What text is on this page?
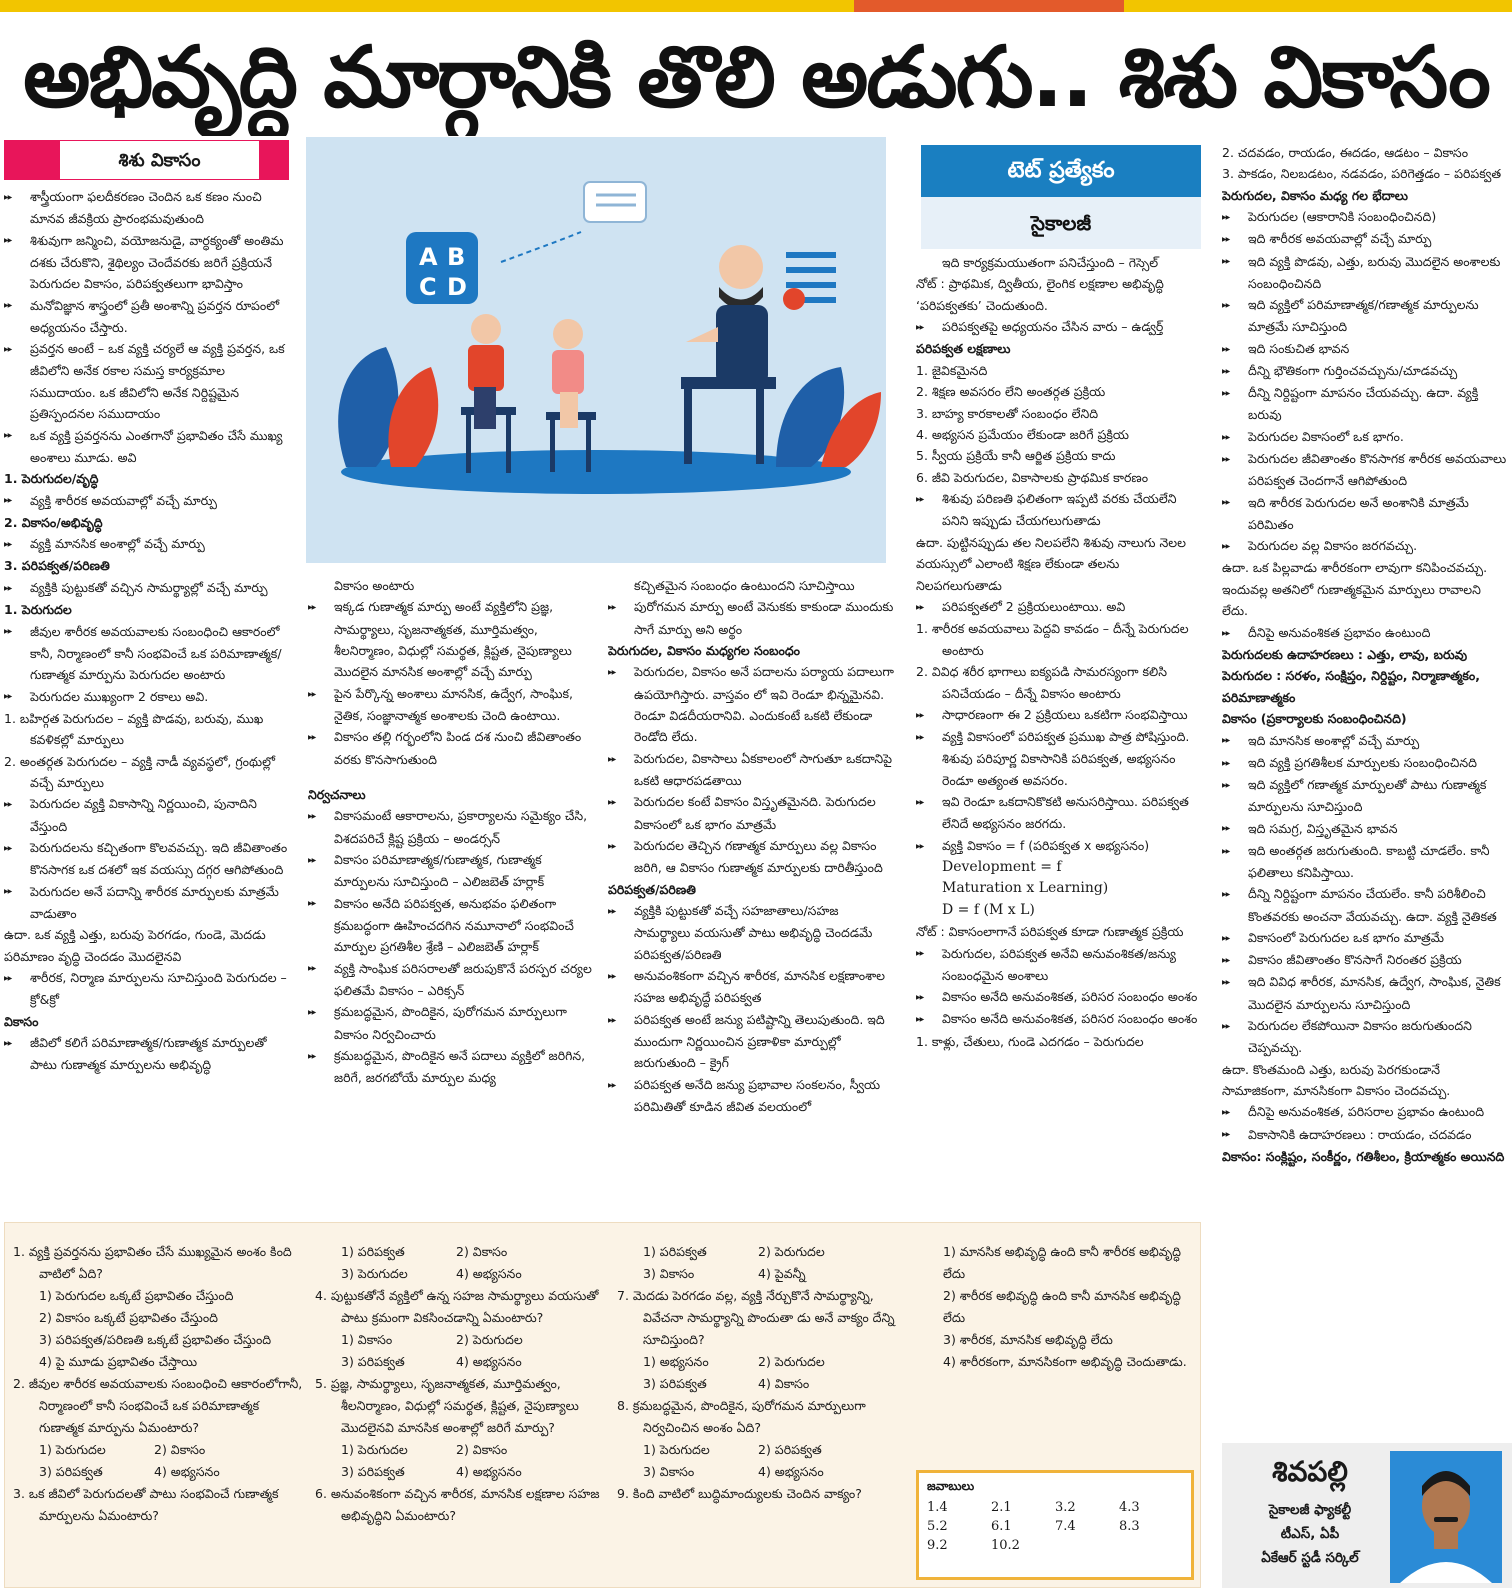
అభివృద్ధి మార్గానికి తొలి అడుగు.. శిశు వికాసం
శిశు వికాసం

▶▶ శాస్త్రీయంగా ఫలదీకరణం చెందిన ఒక కణం నుంచి మానవ జీవక్రియ ప్రారంభమవుతుంది

▶▶ శిశువుగా జన్మించి, వయోజనుడై, వార్ధక్యంతో అంతిమ దశకు చేరుకొని, శైథిల్యం చెందేవరకు జరిగే ప్రక్రియనే పెరుగుదల వికాసం, పరిపక్వతలుగా భావిస్తాం

▶▶ మనోవిజ్ఞాన శాస్త్రంలో ప్రతీ అంశాన్ని ప్రవర్తన రూపంలో అధ్యయనం చేస్తారు.

▶▶ ప్రవర్తన అంటే – ఒక వ్యక్తి చర్యలే ఆ వ్యక్తి ప్రవర్తన, ఒక జీవిలోని అనేక రకాల సమస్త కార్యక్రమాల సముదాయం. ఒక జీవిలోని అనేక నిర్దిష్టమైన ప్రతిస్పందనల సముదాయం

▶▶ ఒక వ్యక్తి ప్రవర్తనను ఎంతగానో ప్రభావితం చేసే ముఖ్య అంశాలు మూడు. అవి

1. పెరుగుదల/వృద్ధి

▶▶ వ్యక్తి శారీరక అవయవాల్లో వచ్చే మార్పు

2. వికాసం/అభివృద్ధి

▶▶ వ్యక్తి మానసిక అంశాల్లో వచ్చే మార్పు

3. పరిపక్వత/పరిణతి

▶▶ వ్యక్తికి పుట్టుకతో వచ్చిన సామర్థ్యాల్లో వచ్చే మార్పు

1. పెరుగుదల

▶▶ జీవుల శారీరక అవయవాలకు సంబంధించి ఆకారంలో కానీ, నిర్మాణంలో కానీ సంభవించే ఒక పరిమాణాత్మక/గుణాత్మక మార్పును పెరుగుదల అంటారు

▶▶ పెరుగుదల ముఖ్యంగా 2 రకాలు అవి.

1. బహిర్గత పెరుగుదల – వ్యక్తి పొడవు, బరువు, ముఖ కవళికల్లో మార్పులు

2. అంతర్గత పెరుగుదల – వ్యక్తి నాడీ వ్యవస్థలో, గ్రంథుల్లో వచ్చే మార్పులు

▶▶ పెరుగుదల వ్యక్తి వికాసాన్ని నిర్ణయించి, పునాదిని వేస్తుంది

▶▶ పెరుగుదలను కచ్చితంగా కొలవవచ్చు. ఇది జీవితాంతం కొనసాగక ఒక దశలో ఇక వయస్సు దగ్గర ఆగిపోతుంది

▶▶ పెరుగుదల అనే పదాన్ని శారీరక మార్పులకు మాత్రమే వాడుతాం

ఉదా. ఒక వ్యక్తి ఎత్తు, బరువు పెరగడం, గుండె, మెదడు పరిమాణం వృద్ధి చెందడం మొదలైనవి

▶▶ శారీరక, నిర్మాణ మార్పులను సూచిస్తుంది పెరుగుదల – క్రో&క్రో

వికాసం

▶▶ జీవిలో కలిగే పరిమాణాత్మక/గుణాత్మక మార్పులతో పాటు గుణాత్మక మార్పులను అభివృద్ధి

A B
C D

వికాసం అంటారు

▶▶ ఇక్కడ గుణాత్మక మార్పు అంటే వ్యక్తిలోని ప్రజ్ఞ, సామర్థ్యాలు, సృజనాత్మకత, మూర్తిమత్వం, శీలనిర్మాణం, విధుల్లో సమర్థత, క్లిష్టత, నైపుణ్యాలు మొదలైన మానసిక అంశాల్లో వచ్చే మార్పు

▶▶ పైన పేర్కొన్న అంశాలు మానసిక, ఉద్వేగ, సాంఘిక, నైతిక, సంజ్ఞానాత్మక అంశాలకు చెంది ఉంటాయి.

▶▶ వికాసం తల్లి గర్భంలోని పిండ దశ నుంచి జీవితాంతం వరకు కొనసాగుతుంది

నిర్వచనాలు

▶▶ వికాసమంటే ఆకారాలను, ప్రకార్యాలను సమైక్యం చేసి, విశదపరిచే క్లిష్ట ప్రక్రియ – అండర్సన్

▶▶ వికాసం పరిమాణాత్మక/గుణాత్మక, గుణాత్మక మార్పులను సూచిస్తుంది – ఎలిజబెత్ హర్లాక్

▶▶ వికాసం అనేది పరిపక్వత, అనుభవం ఫలితంగా క్రమబద్ధంగా ఊహించదగిన నమూనాలో సంభవించే మార్పుల ప్రగతిశీల శ్రేణి – ఎలిజబెత్ హర్లాక్

▶▶ వ్యక్తి సాంఘిక పరిసరాలతో జరుపుకొనే పరస్పర చర్యల ఫలితమే వికాసం – ఎరిక్సన్

▶▶ క్రమబద్ధమైన, పొందికైన, పురోగమన మార్పులుగా వికాసం నిర్వచించారు

▶▶ క్రమబద్ధమైన, పొందికైన అనే పదాలు వ్యక్తిలో జరిగిన, జరిగే, జరగబోయే మార్పుల మధ్య

కచ్చితమైన సంబంధం ఉంటుందని సూచిస్తాయి

▶▶ పురోగమన మార్పు అంటే వెనుకకు కాకుండా ముందుకు సాగే మార్పు అని అర్థం

పెరుగుదల, వికాసం మధ్యగల సంబంధం

▶▶ పెరుగుదల, వికాసం అనే పదాలను పర్యాయ పదాలుగా ఉపయోగిస్తారు. వాస్తవం లో ఇవి రెండూ భిన్నమైనవి. రెండూ విడదీయరానివి. ఎందుకంటే ఒకటి లేకుండా రెండోది లేదు.

▶▶ పెరుగుదల, వికాసాలు ఏకకాలంలో సాగుతూ ఒకదానిపై ఒకటి ఆధారపడతాయి

▶▶ పెరుగుదల కంటే వికాసం విస్తృతమైనది. పెరుగుదల వికాసంలో ఒక భాగం మాత్రమే

▶▶ పెరుగుదల తెచ్చిన గణాత్మక మార్పులు వల్ల వికాసం జరిగి, ఆ వికాసం గుణాత్మక మార్పులకు దారితీస్తుంది

పరిపక్వత/పరిణతి

▶▶ వ్యక్తికి పుట్టుకతో వచ్చే సహజాతాలు/సహజ సామర్థ్యాలు వయసుతో పాటు అభివృద్ధి చెందడమే పరిపక్వత/పరిణతి

▶▶ అనువంశికంగా వచ్చిన శారీరక, మానసిక లక్షణాంశాల సహజ అభివృద్ధే పరిపక్వత

▶▶ పరిపక్వత అంటే జన్యు పటిష్టాన్ని తెలుపుతుంది. ఇది ముందుగా నిర్ణయించిన ప్రణాళికా మార్పుల్లో జరుగుతుంది – క్రైగ్

▶▶ పరిపక్వత అనేది జన్యు ప్రభావాల సంకలనం, స్వీయ పరిమితితో కూడిన జీవిత వలయంలో

టెట్ ప్రత్యేకం
సైకాలజీ

ఇది కార్యక్రమయుతంగా పనిచేస్తుంది – గెస్సెల్

నోట్ : ప్రాథమిక, ద్వితీయ, లైంగిక లక్షణాల అభివృద్ధి ‘పరిపక్వతకు’ చెందుతుంది.

▶▶ పరిపక్వతపై అధ్యయనం చేసిన వారు – ఉడ్వర్త్

పరిపక్వత లక్షణాలు

1. జైవికమైనది

2. శిక్షణ అవసరం లేని అంతర్గత ప్రక్రియ

3. బాహ్య కారకాలతో సంబంధం లేనిది

4. అభ్యసన ప్రమేయం లేకుండా జరిగే ప్రక్రియ

5. స్వీయ ప్రక్రియే కానీ ఆర్జిత ప్రక్రియ కాదు

6. జీవి పెరుగుదల, వికాసాలకు ప్రాథమిక కారణం

▶▶ శిశువు పరిణతి ఫలితంగా ఇప్పటి వరకు చేయలేని పనిని ఇప్పుడు చేయగలుగుతాడు

ఉదా. పుట్టినప్పుడు తల నిలపలేని శిశువు నాలుగు నెలల వయస్సులో ఎలాంటి శిక్షణ లేకుండా తలను నిలపగలుగుతాడు

▶▶ పరిపక్వతలో 2 ప్రక్రియలుంటాయి. అవి

1. శారీరక అవయవాలు పెద్దవి కావడం – దీన్నే పెరుగుదల అంటారు

2. వివిధ శరీర భాగాలు ఐక్యపడి సామరస్యంగా కలిసి పనిచేయడం – దీన్నే వికాసం అంటారు

▶▶ సాధారణంగా ఈ 2 ప్రక్రియలు ఒకటిగా సంభవిస్తాయి

▶▶ వ్యక్తి వికాసంలో పరిపక్వత ప్రముఖ పాత్ర పోషిస్తుంది. శిశువు పరిపూర్ణ వికాసానికి పరిపక్వత, అభ్యసనం రెండూ అత్యంత అవసరం.

▶▶ ఇవి రెండూ ఒకదానికొకటి అనుసరిస్తాయి. పరిపక్వత లేనిదే అభ్యసనం జరగదు.

▶▶ వ్యక్తి వికాసం = f (పరిపక్వత x అభ్యసనం)

Development = f

Maturation x Learning)

D = f (M x L)

నోట్ : వికాసంలాగానే పరిపక్వత కూడా గుణాత్మక ప్రక్రియ

▶▶ పెరుగుదల, పరిపక్వత అనేవి అనువంశికత/జన్యు సంబంధమైన అంశాలు

▶▶ వికాసం అనేది అనువంశికత, పరిసర సంబంధం అంశం

▶▶ వికాసం అనేది అనువంశికత, పరిసర సంబంధం అంశం

1. కాళ్లు, చేతులు, గుండె ఎదగడం – పెరుగుదల

2. చదవడం, రాయడం, ఈదడం, ఆడటం – వికాసం

3. పాకడం, నిలబడటం, నడవడం, పరిగెత్తడం – పరిపక్వత

పెరుగుదల, వికాసం మధ్య గల భేదాలు

▶▶ పెరుగుదల (ఆకారానికి సంబంధించినది)

▶▶ ఇది శారీరక అవయవాల్లో వచ్చే మార్పు

▶▶ ఇది వ్యక్తి పొడవు, ఎత్తు, బరువు మొదలైన అంశాలకు సంబంధించినది

▶▶ ఇది వ్యక్తిలో పరిమాణాత్మక/గణాత్మక మార్పులను మాత్రమే సూచిస్తుంది

▶▶ ఇది సంకుచిత భావన

▶▶ దీన్ని భౌతికంగా గుర్తించవచ్చును/చూడవచ్చు

▶▶ దీన్ని నిర్దిష్టంగా మాపనం చేయవచ్చు. ఉదా. వ్యక్తి బరువు

▶▶ పెరుగుదల వికాసంలో ఒక భాగం.

▶▶ పెరుగుదల జీవితాంతం కొనసాగక శారీరక అవయవాలు పరిపక్వత చెందగానే ఆగిపోతుంది

▶▶ ఇది శారీరక పెరుగుదల అనే అంశానికి మాత్రమే పరిమితం

▶▶ పెరుగుదల వల్ల వికాసం జరగవచ్చు.

ఉదా. ఒక పిల్లవాడు శారీరకంగా లావుగా కనిపించవచ్చు. ఇందువల్ల అతనిలో గుణాత్మకమైన మార్పులు రావాలని లేదు.

▶▶ దీనిపై అనువంశికత ప్రభావం ఉంటుంది

పెరుగుదలకు ఉదాహరణలు : ఎత్తు, లావు, బరువు

పెరుగుదల : సరళం, సంక్షిప్తం, నిర్దిష్టం, నిర్మాణాత్మకం, పరిమాణాత్మకం

వికాసం (ప్రకార్యాలకు సంబంధించినది)

▶▶ ఇది మానసిక అంశాల్లో వచ్చే మార్పు

▶▶ ఇది వ్యక్తి ప్రగతిశీలక మార్పులకు సంబంధించినది

▶▶ ఇది వ్యక్తిలో గణాత్మక మార్పులతో పాటు గుణాత్మక మార్పులను సూచిస్తుంది

▶▶ ఇది సమగ్ర, విస్తృతమైన భావన

▶▶ ఇది అంతర్గత జరుగుతుంది. కాబట్టి చూడలేం. కానీ ఫలితాలు కనిపిస్తాయి.

▶▶ దీన్ని నిర్దిష్టంగా మాపనం చేయలేం. కానీ పరిశీలించి కొంతవరకు అంచనా వేయవచ్చు. ఉదా. వ్యక్తి నైతికత

▶▶ వికాసంలో పెరుగుదల ఒక భాగం మాత్రమే

▶▶ వికాసం జీవితాంతం కొనసాగే నిరంతర ప్రక్రియ

▶▶ ఇది వివిధ శారీరక, మానసిక, ఉద్వేగ, సాంఘిక, నైతిక మొదలైన మార్పులను సూచిస్తుంది

▶▶ పెరుగుదల లేకపోయినా వికాసం జరుగుతుందని చెప్పవచ్చు.

ఉదా. కొంతమంది ఎత్తు, బరువు పెరగకుండానే సామాజికంగా, మానసికంగా వికాసం చెందవచ్చు.

▶▶ దీనిపై అనువంశికత, పరిసరాల ప్రభావం ఉంటుంది

▶▶ వికాసానికి ఉదాహరణలు : రాయడం, చదవడం

వికాసం: సంక్లిష్టం, సంకీర్ణం, గతిశీలం, క్రియాత్మకం అయినది

1. వ్యక్తి ప్రవర్తనను ప్రభావితం చేసే ముఖ్యమైన అంశం కింది వాటిలో ఏది?

1) పెరుగుదల ఒక్కటే ప్రభావితం చేస్తుంది

2) వికాసం ఒక్కటే ప్రభావితం చేస్తుంది

3) పరిపక్వత/పరిణతి ఒక్కటే ప్రభావితం చేస్తుంది

4) పై మూడు ప్రభావితం చేస్తాయి

2. జీవుల శారీరక అవయవాలకు సంబంధించి ఆకారంలోగానీ, నిర్మాణంలో కానీ సంభవించే ఒక పరిమాణాత్మక గుణాత్మక మార్పును ఏమంటారు?

1) పెరుగుదల	2) వికాసం
3) పరిపక్వత	4) అభ్యసనం

3. ఒక జీవిలో పెరుగుదలతో పాటు సంభవించే గుణాత్మక మార్పులను ఏమంటారు?

1) పరిపక్వత	2) వికాసం
3) పెరుగుదల	4) అభ్యసనం

4. పుట్టుకతోనే వ్యక్తిలో ఉన్న సహజ సామర్థ్యాలు వయసుతో పాటు క్రమంగా వికసించడాన్ని ఏమంటారు?

1) వికాసం	2) పెరుగుదల
3) పరిపక్వత	4) అభ్యసనం

5. ప్రజ్ఞ, సామర్థ్యాలు, సృజనాత్మకత, మూర్తిమత్వం, శీలనిర్మాణం, విధుల్లో సమర్థత, క్లిష్టత, నైపుణ్యాలు మొదలైనవి మానసిక అంశాల్లో జరిగే మార్పు?

1) పెరుగుదల	2) వికాసం
3) పరిపక్వత	4) అభ్యసనం

6. అనువంశికంగా వచ్చిన శారీరక, మానసిక లక్షణాల సహజ అభివృద్ధిని ఏమంటారు?

1) పరిపక్వత	2) పెరుగుదల
3) వికాసం	4) పైవన్నీ

7. మెదడు పెరగడం వల్ల, వ్యక్తి నేర్చుకొనే సామర్థ్యాన్ని, వివేచనా సామర్థ్యాన్ని పొందుతా డు అనే వాక్యం దేన్ని సూచిస్తుంది?

1) అభ్యసనం	2) పెరుగుదల
3) పరిపక్వత	4) వికాసం

8. క్రమబద్ధమైన, పొందికైన, పురోగమన మార్పులుగా నిర్వచించిన అంశం ఏది?

1) పెరుగుదల	2) పరిపక్వత
3) వికాసం	4) అభ్యసనం

9. కింది వాటిలో బుద్ధిమాంద్యులకు చెందిన వాక్యం?

1) మానసిక అభివృద్ధి ఉంది కానీ శారీరక అభివృద్ధి లేదు

2) శారీరక అభివృద్ధి ఉంది కానీ మానసిక అభివృద్ధి లేదు

3) శారీరక, మానసిక అభివృద్ధి లేదు

4) శారీరకంగా, మానసికంగా అభివృద్ధి చెందుతాడు.

జవాబులు
1.4	2.1	3.2	4.3
5.2	6.1	7.4	8.3
9.2	10.2
శివపల్లి
సైకాలజీ ఫ్యాకల్టీ
టీఎస్, ఏపీ
ఏకేఆర్ స్టడీ సర్కిల్
